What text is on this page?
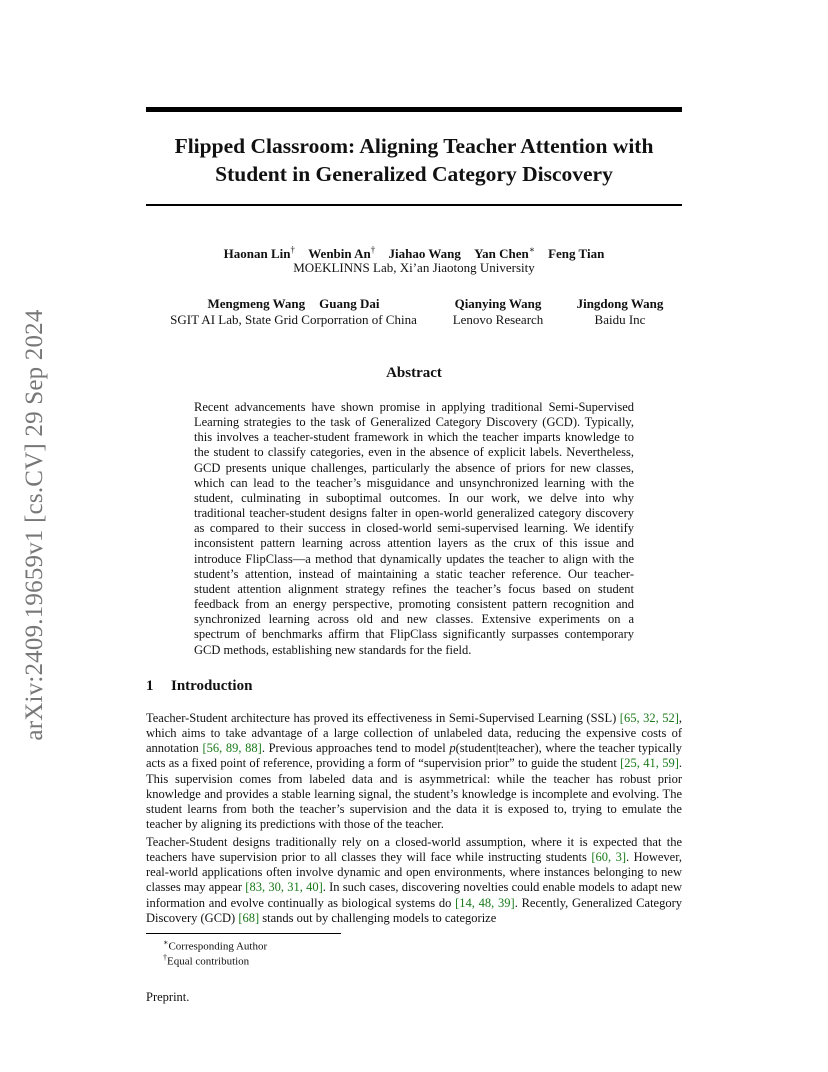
arXiv:2409.19659v1 [cs.CV] 29 Sep 2024
Flipped Classroom: Aligning Teacher Attention with
Student in Generalized Category Discovery
Haonan Lin† Wenbin An† Jiahao Wang Yan Chen∗ Feng Tian
MOEKLINNS Lab, Xi’an Jiaotong University
Mengmeng Wang Guang Dai
SGIT AI Lab, State Grid Corporration of China
Qianying Wang
Lenovo Research
Jingdong Wang
Baidu Inc
Abstract

Recent advancements have shown promise in applying traditional Semi-Supervised Learning strategies to the task of Generalized Category Discovery (GCD). Typically, this involves a teacher-student framework in which the teacher imparts knowledge to the student to classify categories, even in the absence of explicit labels. Nevertheless, GCD presents unique challenges, particularly the absence of priors for new classes, which can lead to the teacher’s misguidance and unsynchronized learning with the student, culminating in suboptimal outcomes. In our work, we delve into why traditional teacher-student designs falter in open-world generalized category discovery as compared to their success in closed-world semi-supervised learning. We identify inconsistent pattern learning across attention layers as the crux of this issue and introduce FlipClass—a method that dynamically updates the teacher to align with the student’s attention, instead of maintaining a static teacher reference. Our teacher-student attention alignment strategy refines the teacher’s focus based on student feedback from an energy perspective, promoting consistent pattern recognition and synchronized learning across old and new classes. Extensive experiments on a spectrum of benchmarks affirm that FlipClass significantly surpasses contemporary GCD methods, establishing new standards for the field.

1 Introduction

Teacher-Student architecture has proved its effectiveness in Semi-Supervised Learning (SSL) [65, 32, 52], which aims to take advantage of a large collection of unlabeled data, reducing the expensive costs of annotation [56, 89, 88]. Previous approaches tend to model p(student|teacher), where the teacher typically acts as a fixed point of reference, providing a form of “supervision prior” to guide the student [25, 41, 59]. This supervision comes from labeled data and is asymmetrical: while the teacher has robust prior knowledge and provides a stable learning signal, the student’s knowledge is incomplete and evolving. The student learns from both the teacher’s supervision and the data it is exposed to, trying to emulate the teacher by aligning its predictions with those of the teacher.

Teacher-Student designs traditionally rely on a closed-world assumption, where it is expected that the teachers have supervision prior to all classes they will face while instructing students [60, 3]. However, real-world applications often involve dynamic and open environments, where instances belonging to new classes may appear [83, 30, 31, 40]. In such cases, discovering novelties could enable models to adapt new information and evolve continually as biological systems do [14, 48, 39]. Recently, Generalized Category Discovery (GCD) [68] stands out by challenging models to categorize

∗Corresponding Author
†Equal contribution
Preprint.
